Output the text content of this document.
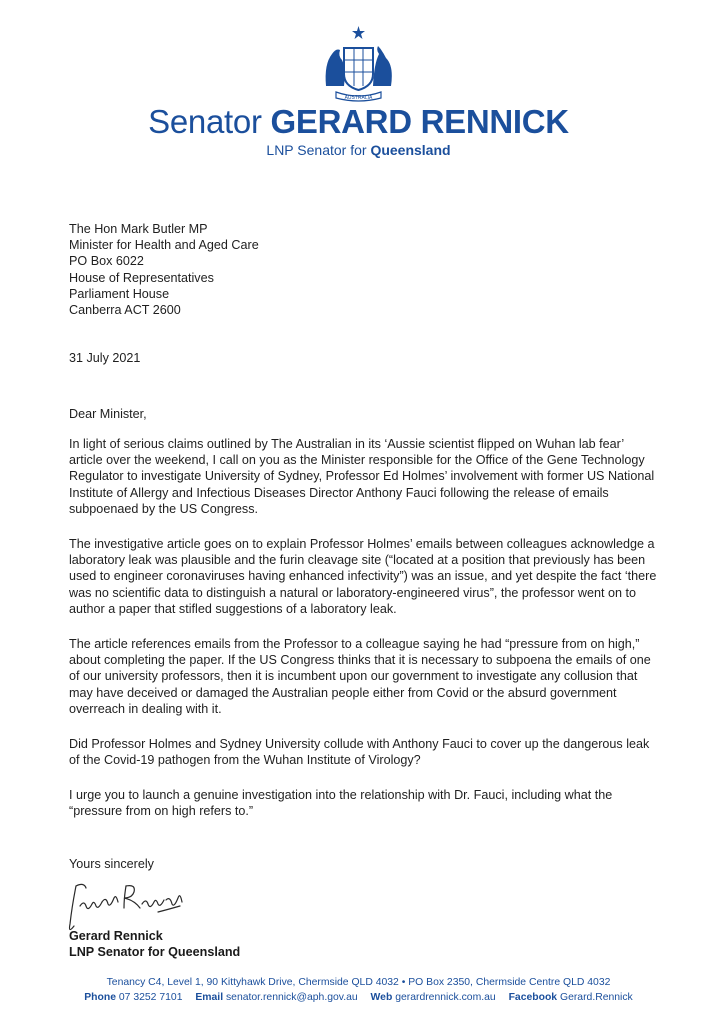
AUSTRALIA
Senator GERARD RENNICK
LNP Senator for Queensland
The Hon Mark Butler MP
Minister for Health and Aged Care
PO Box 6022
House of Representatives
Parliament House
Canberra ACT 2600
31 July 2021
Dear Minister,
In light of serious claims outlined by The Australian in its ‘Aussie scientist flipped on Wuhan lab fear’ article over the weekend, I call on you as the Minister responsible for the Office of the Gene Technology Regulator to investigate University of Sydney, Professor Ed Holmes’ involvement with former US National Institute of Allergy and Infectious Diseases Director Anthony Fauci following the release of emails subpoenaed by the US Congress.
The investigative article goes on to explain Professor Holmes’ emails between colleagues acknowledge a laboratory leak was plausible and the furin cleavage site (“located at a position that previously has been used to engineer coronaviruses having enhanced infectivity”) was an issue, and yet despite the fact ‘there was no scientific data to distinguish a natural or laboratory-engineered virus”, the professor went on to author a paper that stifled suggestions of a laboratory leak.
The article references emails from the Professor to a colleague saying he had “pressure from on high,” about completing the paper. If the US Congress thinks that it is necessary to subpoena the emails of one of our university professors, then it is incumbent upon our government to investigate any collusion that may have deceived or damaged the Australian people either from Covid or the absurd government overreach in dealing with it.
Did Professor Holmes and Sydney University collude with Anthony Fauci to cover up the dangerous leak of the Covid-19 pathogen from the Wuhan Institute of Virology?
I urge you to launch a genuine investigation into the relationship with Dr. Fauci, including what the “pressure from on high refers to.”
Yours sincerely
Gerard Rennick
LNP Senator for Queensland
Tenancy C4, Level 1, 90 Kittyhawk Drive, Chermside QLD 4032 • PO Box 2350, Chermside Centre QLD 4032
Phone 07 3252 7101 Email senator.rennick@aph.gov.au Web gerardrennick.com.au Facebook Gerard.Rennick
